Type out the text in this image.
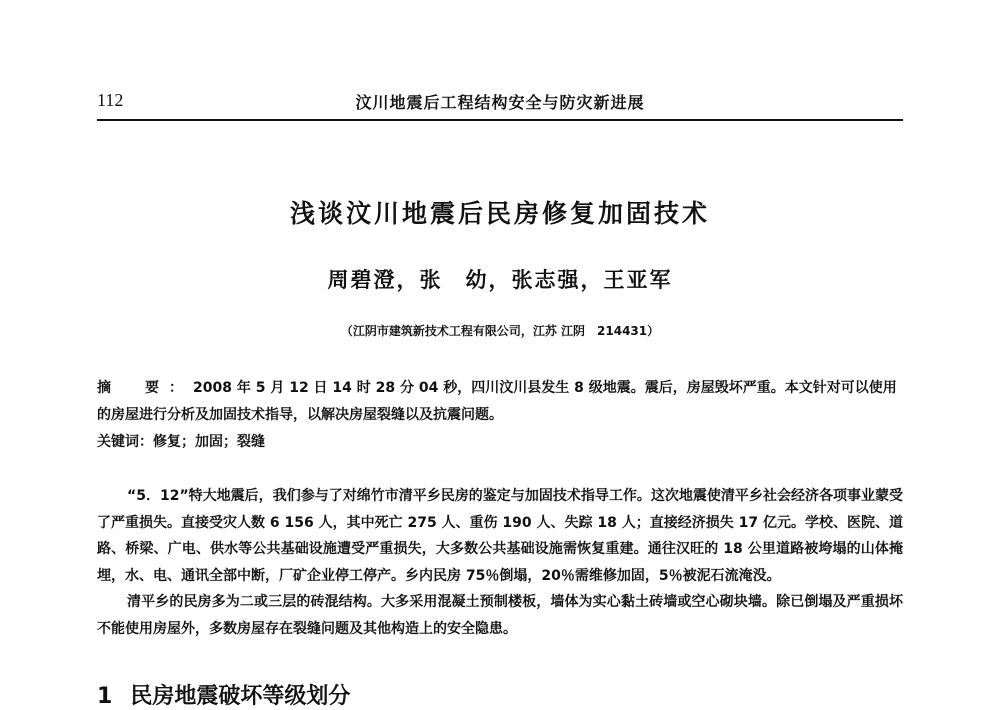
112	汶川地震后工程结构安全与防灾新进展
浅谈汶川地震后民房修复加固技术
周碧澄，张　幼，张志强，王亚军
（江阴市建筑新技术工程有限公司，江苏 江阴　214431）
摘　要：2008 年 5 月 12 日 14 时 28 分 04 秒，四川汶川县发生 8 级地震。震后，房屋毁坏严重。本文针对可以使用的房屋进行分析及加固技术指导，以解决房屋裂缝以及抗震问题。
关键词：修复；加固；裂缝

“5．12”特大地震后，我们参与了对绵竹市清平乡民房的鉴定与加固技术指导工作。这次地震使清平乡社会经济各项事业蒙受了严重损失。直接受灾人数 6 156 人，其中死亡 275 人、重伤 190 人、失踪 18 人；直接经济损失 17 亿元。学校、医院、道路、桥梁、广电、供水等公共基础设施遭受严重损失，大多数公共基础设施需恢复重建。通往汉旺的 18 公里道路被垮塌的山体掩埋，水、电、通讯全部中断，厂矿企业停工停产。乡内民房 75％倒塌，20％需维修加固，5％被泥石流淹没。

清平乡的民房多为二或三层的砖混结构。大多采用混凝土预制楼板，墙体为实心黏土砖墙或空心砌块墙。除已倒塌及严重损坏不能使用房屋外，多数房屋存在裂缝问题及其他构造上的安全隐患。

1 民房地震破坏等级划分
